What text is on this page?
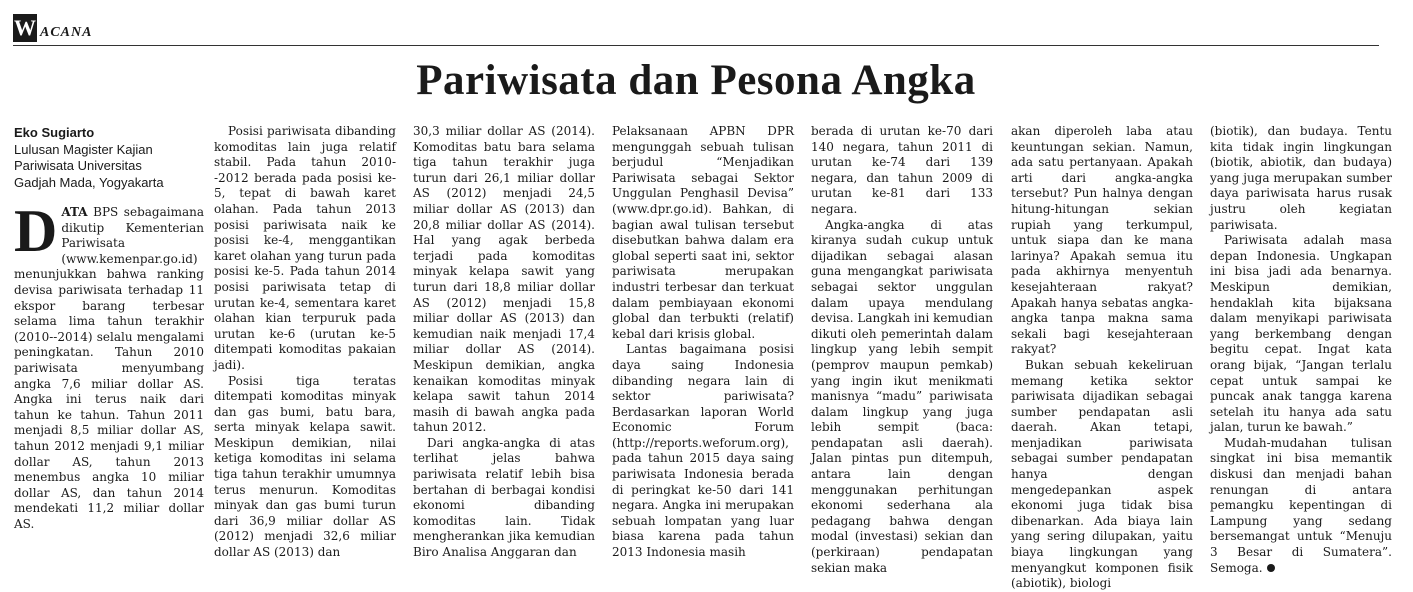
W ACANA
Pariwisata dan Pesona Angka
Eko Sugiarto
Lulusan Magister Kajian
Pariwisata Universitas
Gadjah Mada, Yogyakarta

DATA BPS sebagaimana dikutip Kementerian Pariwisata (www.kemenpar.go.id) menunjukkan bahwa ranking devisa pariwisata terhadap 11 ekspor barang terbesar selama lima tahun terakhir (2010--2014) selalu mengalami peningkatan. Tahun 2010 pariwisata menyumbang angka 7,6 miliar dollar AS. Angka ini terus naik dari tahun ke tahun. Tahun 2011 menjadi 8,5 miliar dollar AS, tahun 2012 menjadi 9,1 miliar dollar AS, tahun 2013 menembus angka 10 miliar dollar AS, dan tahun 2014 mendekati 11,2 miliar dollar AS.

Posisi pariwisata dibanding komoditas lain juga relatif stabil. Pada tahun 2010--2012 berada pada posisi ke-5, tepat di bawah karet olahan. Pada tahun 2013 posisi pariwisata naik ke posisi ke-4, menggantikan karet olahan yang turun pada posisi ke-5. Pada tahun 2014 posisi pariwisata tetap di urutan ke-4, sementara karet olahan kian terpuruk pada urutan ke-6 (urutan ke-5 ditempati komoditas pakaian jadi).

Posisi tiga teratas ditempati komoditas minyak dan gas bumi, batu bara, serta minyak kelapa sawit. Meskipun demikian, nilai ketiga komoditas ini selama tiga tahun terakhir umumnya terus menurun. Komoditas minyak dan gas bumi turun dari 36,9 miliar dollar AS (2012) menjadi 32,6 miliar dollar AS (2013) dan

30,3 miliar dollar AS (2014). Komoditas batu bara selama tiga tahun terakhir juga turun dari 26,1 miliar dollar AS (2012) menjadi 24,5 miliar dollar AS (2013) dan 20,8 miliar dollar AS (2014). Hal yang agak berbeda terjadi pada komoditas minyak kelapa sawit yang turun dari 18,8 miliar dollar AS (2012) menjadi 15,8 miliar dollar AS (2013) dan kemudian naik menjadi 17,4 miliar dollar AS (2014). Meskipun demikian, angka kenaikan komoditas minyak kelapa sawit tahun 2014 masih di bawah angka pada tahun 2012.

Dari angka-angka di atas terlihat jelas bahwa pariwisata relatif lebih bisa bertahan di berbagai kondisi ekonomi dibanding komoditas lain. Tidak mengherankan jika kemudian Biro Analisa Anggaran dan

Pelaksanaan APBN DPR mengunggah sebuah tulisan berjudul “Menjadikan Pariwisata sebagai Sektor Unggulan Penghasil Devisa” (www.dpr.go.id). Bahkan, di bagian awal tulisan tersebut disebutkan bahwa dalam era global seperti saat ini, sektor pariwisata merupakan industri terbesar dan terkuat dalam pembiayaan ekonomi global dan terbukti (relatif) kebal dari krisis global.

Lantas bagaimana posisi daya saing Indonesia dibanding negara lain di sektor pariwisata? Berdasarkan laporan World Economic Forum (http://reports.weforum.org), pada tahun 2015 daya saing pariwisata Indonesia berada di peringkat ke-50 dari 141 negara. Angka ini merupakan sebuah lompatan yang luar biasa karena pada tahun 2013 Indonesia masih

berada di urutan ke-70 dari 140 negara, tahun 2011 di urutan ke-74 dari 139 negara, dan tahun 2009 di urutan ke-81 dari 133 negara.

Angka-angka di atas kiranya sudah cukup untuk dijadikan sebagai alasan guna mengangkat pariwisata sebagai sektor unggulan dalam upaya mendulang devisa. Langkah ini kemudian dikuti oleh pemerintah dalam lingkup yang lebih sempit (pemprov maupun pemkab) yang ingin ikut menikmati manisnya “madu” pariwisata dalam lingkup yang juga lebih sempit (baca: pendapatan asli daerah). Jalan pintas pun ditempuh, antara lain dengan menggunakan perhitungan ekonomi sederhana ala pedagang bahwa dengan modal (investasi) sekian dan (perkiraan) pendapatan sekian maka

akan diperoleh laba atau keuntungan sekian. Namun, ada satu pertanyaan. Apakah arti dari angka-angka tersebut? Pun halnya dengan hitung-hitungan sekian rupiah yang terkumpul, untuk siapa dan ke mana larinya? Apakah semua itu pada akhirnya menyentuh kesejahteraan rakyat? Apakah hanya sebatas angka-angka tanpa makna sama sekali bagi kesejahteraan rakyat?

Bukan sebuah kekeliruan memang ketika sektor pariwisata dijadikan sebagai sumber pendapatan asli daerah. Akan tetapi, menjadikan pariwisata sebagai sumber pendapatan hanya dengan mengedepankan aspek ekonomi juga tidak bisa dibenarkan. Ada biaya lain yang sering dilupakan, yaitu biaya lingkungan yang menyangkut komponen fisik (abiotik), biologi

(biotik), dan budaya. Tentu kita tidak ingin lingkungan (biotik, abiotik, dan budaya) yang juga merupakan sumber daya pariwisata harus rusak justru oleh kegiatan pariwisata.

Pariwisata adalah masa depan Indonesia. Ungkapan ini bisa jadi ada benarnya. Meskipun demikian, hendaklah kita bijaksana dalam menyikapi pariwisata yang berkembang dengan begitu cepat. Ingat kata orang bijak, “Jangan terlalu cepat untuk sampai ke puncak anak tangga karena setelah itu hanya ada satu jalan, turun ke bawah.”

Mudah-mudahan tulisan singkat ini bisa memantik diskusi dan menjadi bahan renungan di antara pemangku kepentingan di Lampung yang sedang bersemangat untuk “Menuju 3 Besar di Sumatera”. Semoga.
